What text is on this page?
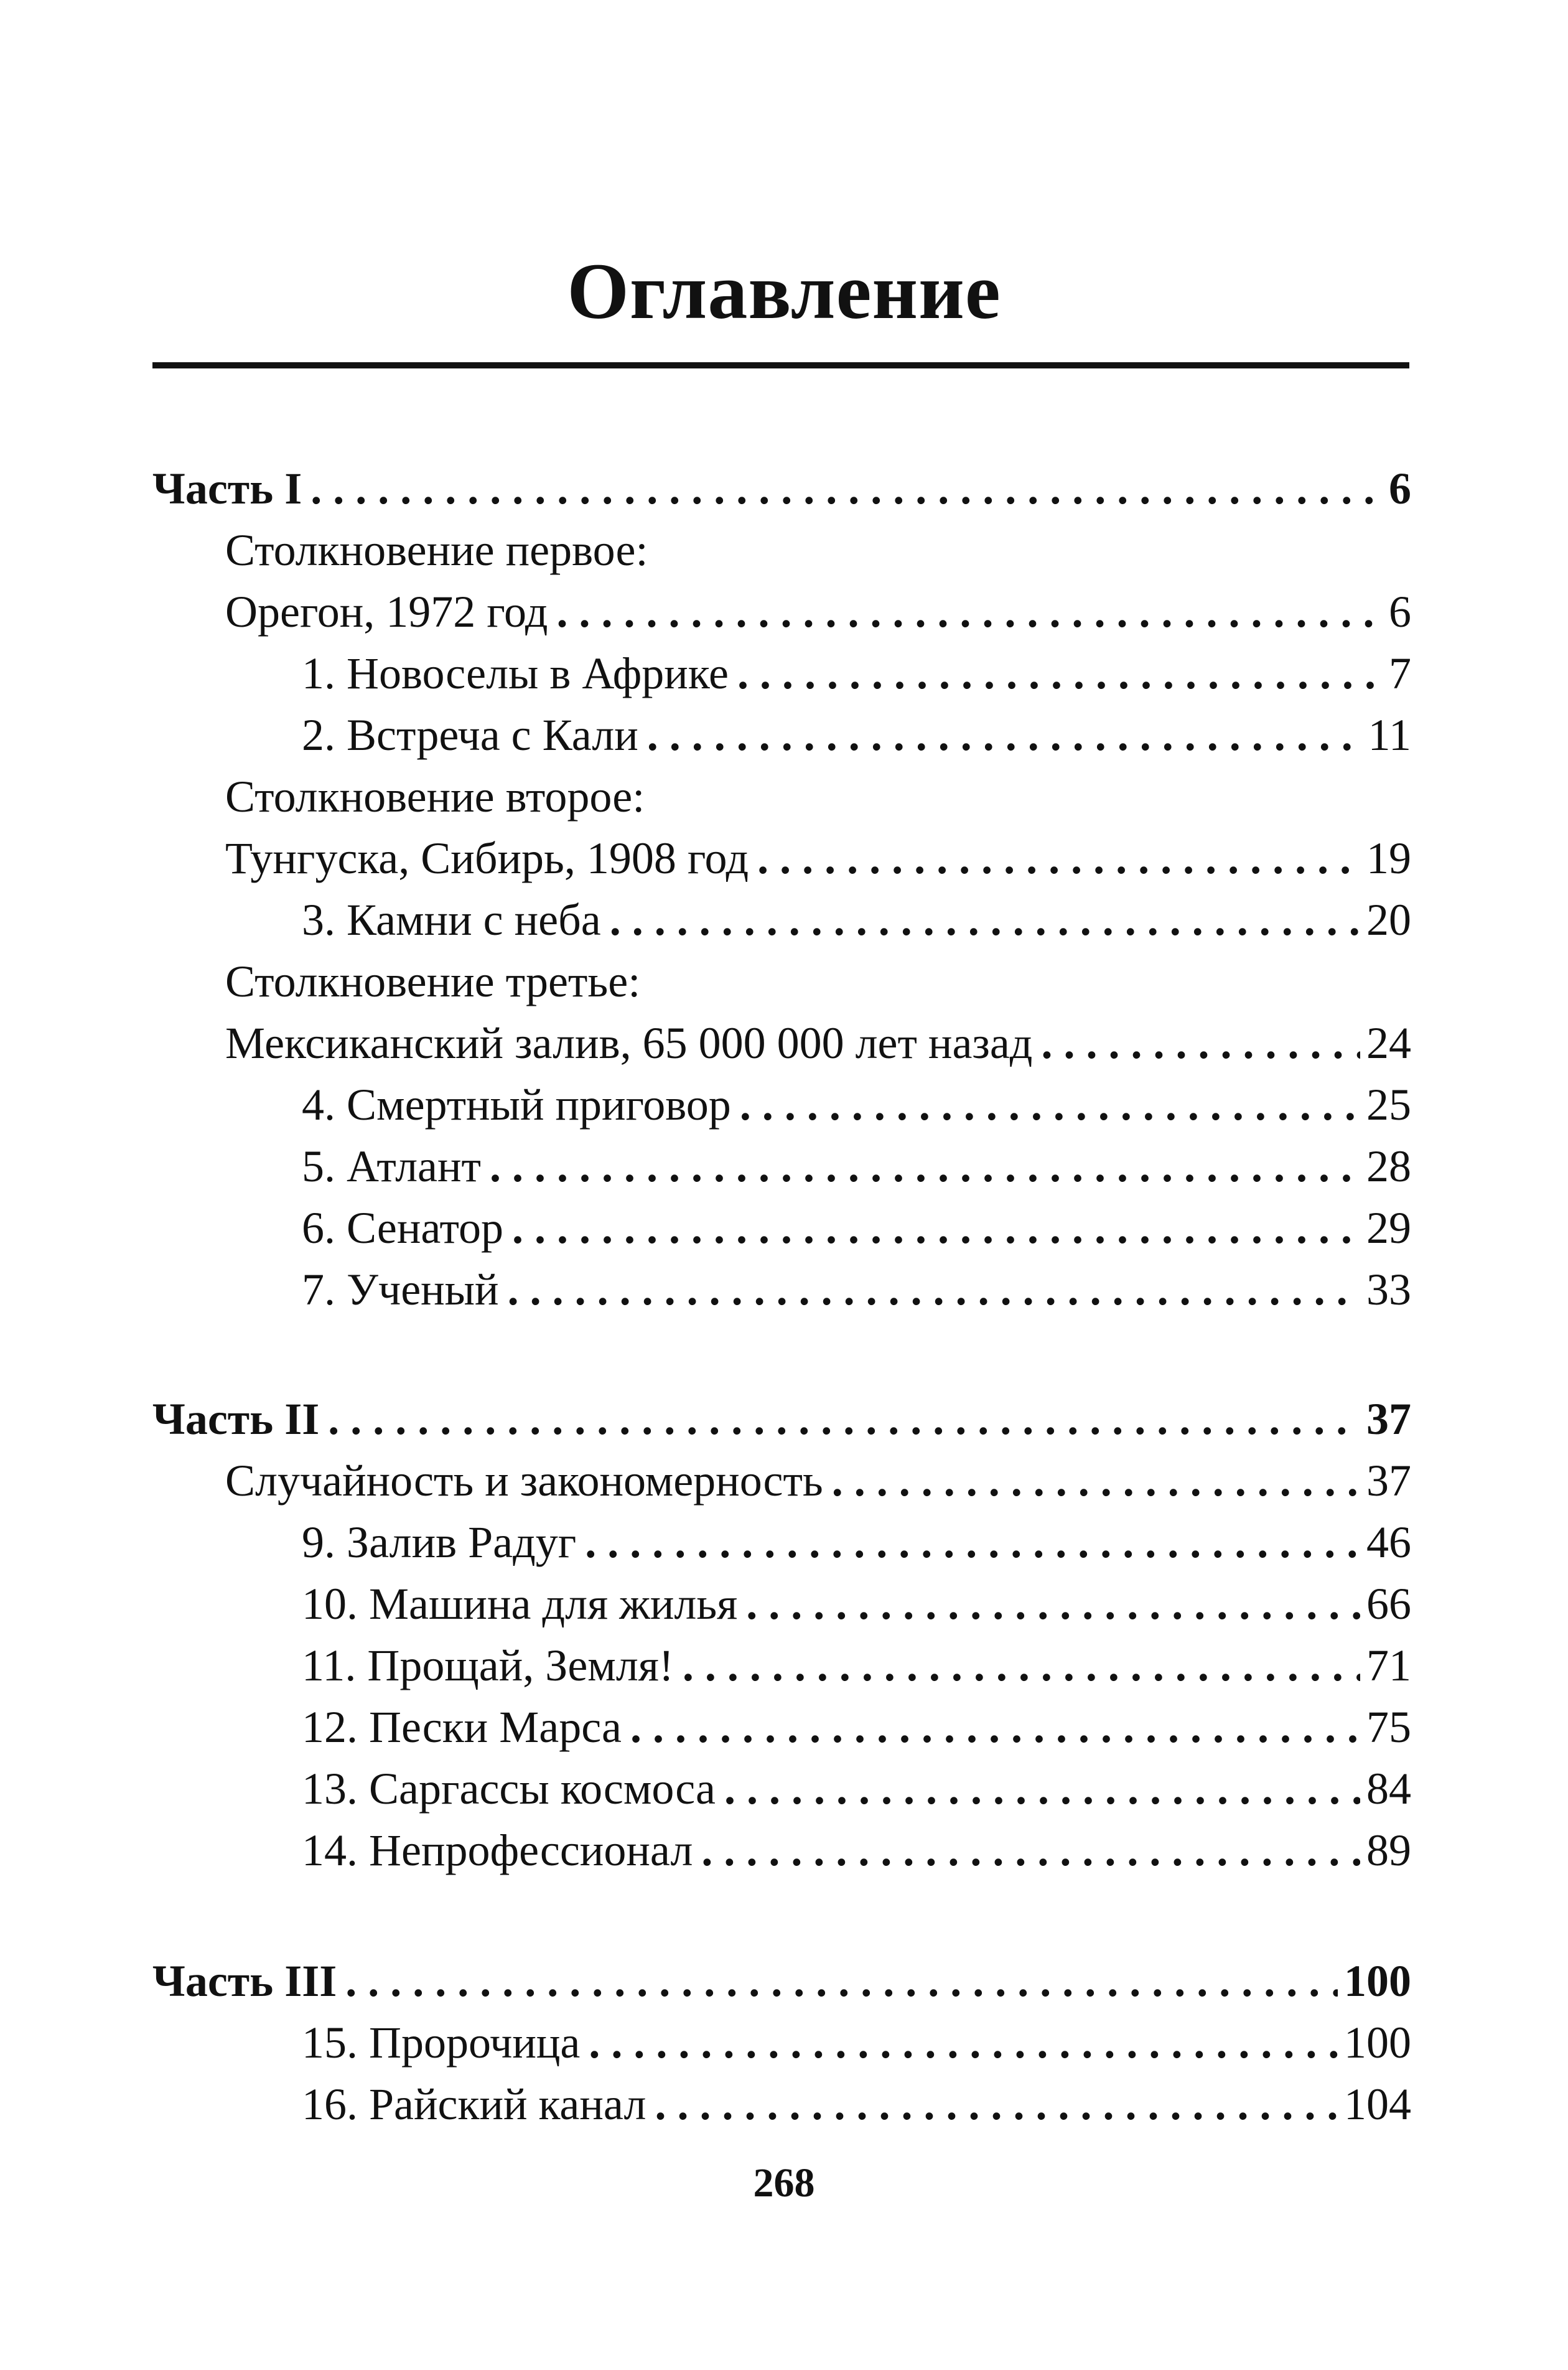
Оглавление
Часть I . . .	6
Столкновение первое:
Орегон, 1972 год . . .	6
1. Новоселы в Африке . . .	7
2. Встреча с Кали . . .	11
Столкновение второе:
Тунгуска, Сибирь, 1908 год . . .	19
3. Камни с неба . . .	20
Столкновение третье:
Мексиканский залив, 65 000 000 лет назад . . .	24
4. Смертный приговор . . .	25
5. Атлант . . .	28
6. Сенатор . . .	29
7. Ученый . . .	33
Часть II . . .	37
Случайность и закономерность . . .	37
9. Залив Радуг . . .	46
10. Машина для жилья . . .	66
11. Прощай, Земля! . . .	71
12. Пески Марса . . .	75
13. Саргассы космоса . . .	84
14. Непрофессионал . . .	89
Часть III . . .	100
15. Пророчица . . .	100
16. Райский канал . . .	104
268
